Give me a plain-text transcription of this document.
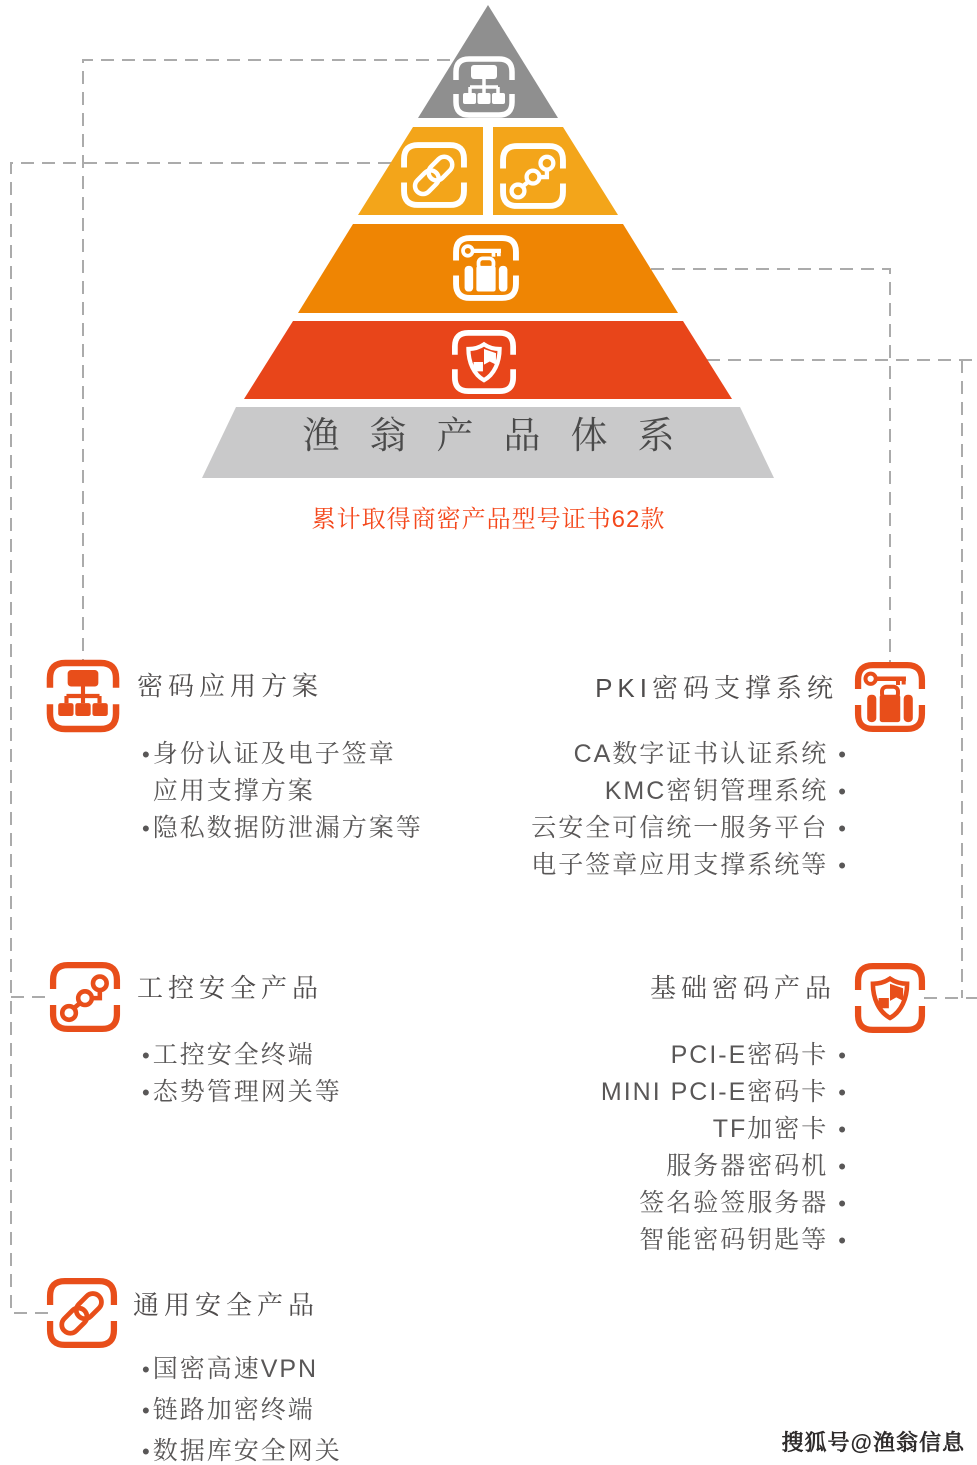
渔翁产品体系
累计取得商密产品型号证书62款
密码应用方案
• 身份认证及电子签章
应用支撑方案
• 隐私数据防泄漏方案等
PKI密码支撑系统
CA数字证书认证系统 •
KMC密钥管理系统 •
云安全可信统一服务平台 •
电子签章应用支撑系统等 •
工控安全产品
• 工控安全终端
• 态势管理网关等
基础密码产品
PCI-E密码卡 •
MINI PCI-E密码卡 •
TF加密卡 •
服务器密码机 •
签名验签服务器 •
智能密码钥匙等 •
通用安全产品
• 国密高速VPN
• 链路加密终端
• 数据库安全网关	搜狐号@渔翁信息
